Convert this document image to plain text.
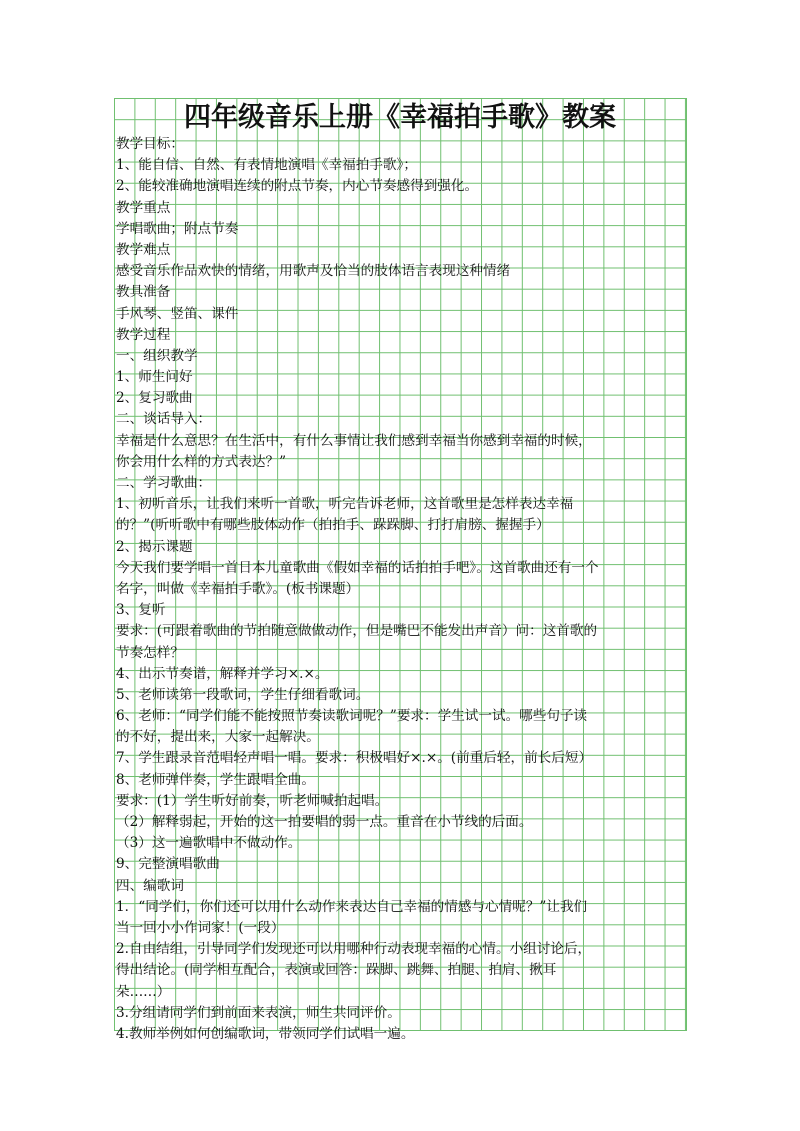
四年级音乐上册《幸福拍手歌》教案
教学目标：
1、能自信、自然、有表情地演唱《幸福拍手歌》；
2、能较准确地演唱连续的附点节奏，内心节奏感得到强化。
教学重点
学唱歌曲；附点节奏
教学难点
感受音乐作品欢快的情绪，用歌声及恰当的肢体语言表现这种情绪
教具准备
手风琴、竖笛、课件
教学过程
一、组织教学
1、师生问好
2、复习歌曲
二、谈话导入：
幸福是什么意思？在生活中，有什么事情让我们感到幸福当你感到幸福的时候，
你会用什么样的方式表达？”
二、学习歌曲：
1、初听音乐，让我们来听一首歌，听完告诉老师，这首歌里是怎样表达幸福
的？”(听听歌中有哪些肢体动作（拍拍手、跺跺脚、打打肩膀、握握手）
2、揭示课题
今天我们要学唱一首日本儿童歌曲《假如幸福的话拍拍手吧》。这首歌曲还有一个
名字，叫做《幸福拍手歌》。(板书课题）
3、复听
要求：(可跟着歌曲的节拍随意做做动作，但是嘴巴不能发出声音）问：这首歌的
节奏怎样？
4、出示节奏谱，解释并学习×.×。
5、老师读第一段歌词，学生仔细看歌词。
6、老师：“同学们能不能按照节奏读歌词呢？”要求：学生试一试。哪些句子读
的不好，提出来，大家一起解决。
7、学生跟录音范唱轻声唱一唱。要求：积极唱好×.×。(前重后轻，前长后短）
8、老师弹伴奏，学生跟唱全曲。
要求：(1）学生听好前奏，听老师喊拍起唱。
（2）解释弱起，开始的这一拍要唱的弱一点。重音在小节线的后面。
（3）这一遍歌唱中不做动作。
9、完整演唱歌曲
四、编歌词
1．“同学们，你们还可以用什么动作来表达自己幸福的情感与心情呢？”让我们
当一回小小作词家！(一段）
2.自由结组，引导同学们发现还可以用哪种行动表现幸福的心情。小组讨论后，
得出结论。(同学相互配合，表演或回答：跺脚、跳舞、拍腿、拍肩、揪耳
朵……）
3.分组请同学们到前面来表演，师生共同评价。
4.教师举例如何创编歌词，带领同学们试唱一遍。
